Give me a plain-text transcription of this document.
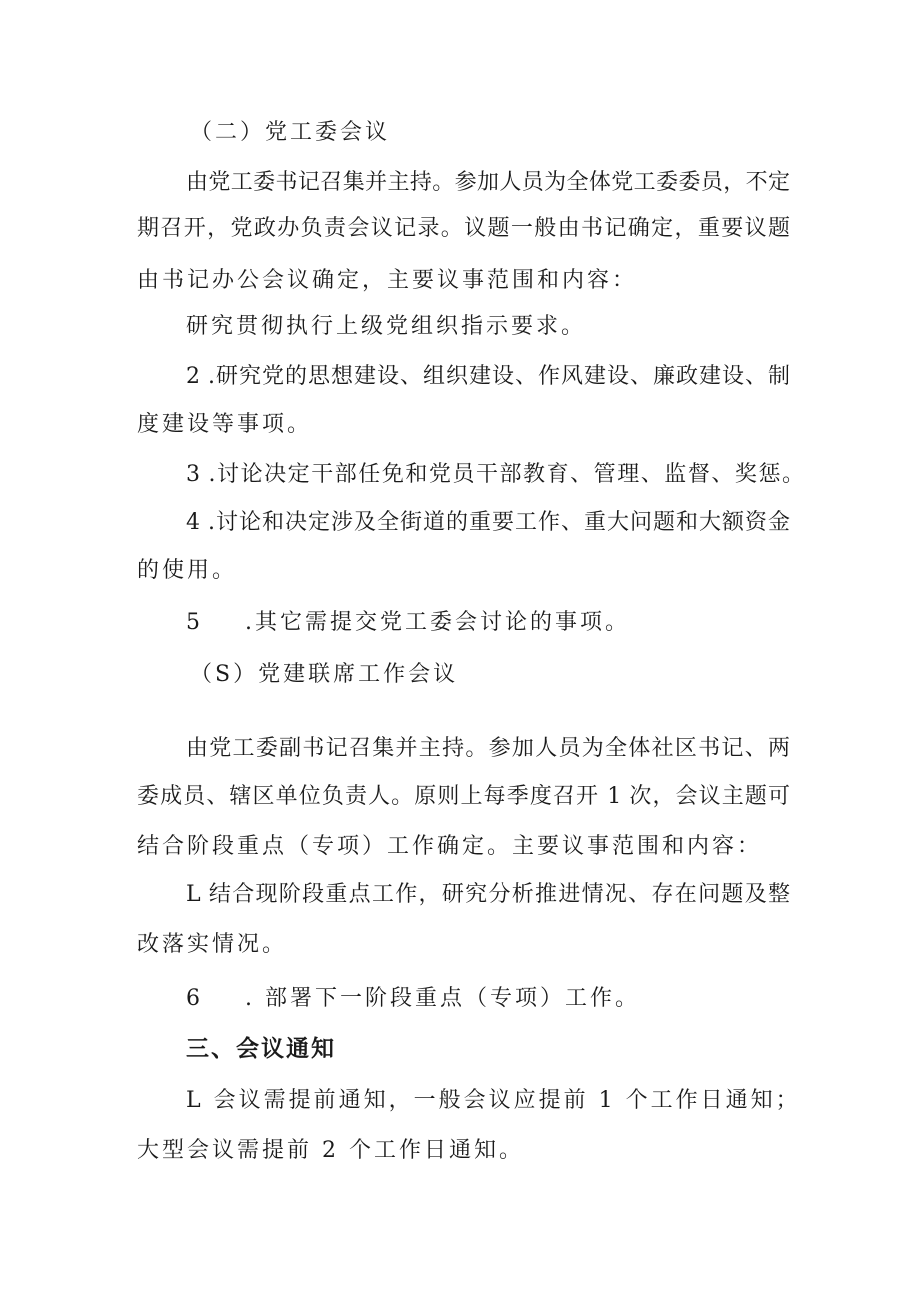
（二）党工委会议
由党工委书记召集并主持。参加人员为全体党工委委员，不定
期召开，党政办负责会议记录。议题一般由书记确定，重要议题
由书记办公会议确定，主要议事范围和内容：
研究贯彻执行上级党组织指示要求。
2 .研究党的思想建设、组织建设、作风建设、廉政建设、制
度建设等事项。
3 .讨论决定干部任免和党员干部教育、管理、监督、奖惩。
4 .讨论和决定涉及全街道的重要工作、重大问题和大额资金
的使用。
5 .其它需提交党工委会讨论的事项。
（S）党建联席工作会议
由党工委副书记召集并主持。参加人员为全体社区书记、两
委成员、辖区单位负责人。原则上每季度召开 1 次，会议主题可
结合阶段重点（专项）工作确定。主要议事范围和内容：
L 结合现阶段重点工作，研究分析推进情况、存在问题及整
改落实情况。
6 . 部署下一阶段重点（专项）工作。
三、会议通知
L 会议需提前通知，一般会议应提前 1 个工作日通知；
大型会议需提前 2 个工作日通知。
